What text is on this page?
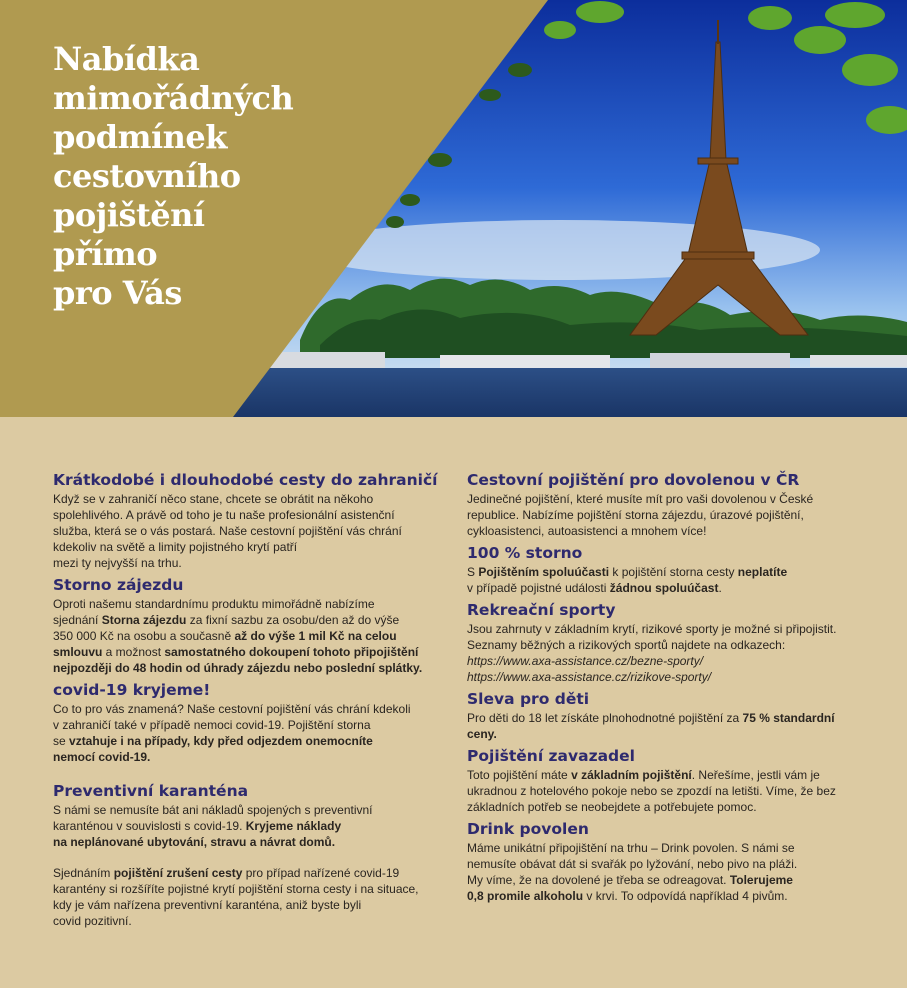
Nabídka
mimořádných
podmínek
cestovního
pojištění
přímo
pro Vás
Krátkodobé i dlouhodobé cesty do zahraničí

Když se v zahraničí něco stane, chcete se obrátit na někoho
spolehlivého. A právě od toho je tu naše profesionální asistenční
služba, která se o vás postará. Naše cestovní pojištění vás chrání
kdekoliv na světě a limity pojistného krytí patří
mezi ty nejvyšší na trhu.

Storno zájezdu

Oproti našemu standardnímu produktu mimořádně nabízíme
sjednání Storna zájezdu za fixní sazbu za osobu/den až do výše
350 000 Kč na osobu a současně až do výše 1 mil Kč na celou
smlouvu a možnost samostatného dokoupení tohoto připojištění
nejpozději do 48 hodin od úhrady zájezdu nebo poslední splátky.

covid-19 kryjeme!

Co to pro vás znamená? Naše cestovní pojištění vás chrání kdekoli
v zahraničí také v případě nemoci covid-19. Pojištění storna
se vztahuje i na případy, kdy před odjezdem onemocníte
nemocí covid-19.

Preventivní karanténa

S námi se nemusíte bát ani nákladů spojených s preventivní
karanténou v souvislosti s covid-19. Kryjeme náklady
na neplánované ubytování, stravu a návrat domů.

Sjednáním pojištění zrušení cesty pro případ nařízené covid-19
karantény si rozšíříte pojistné krytí pojištění storna cesty i na situace,
kdy je vám nařízena preventivní karanténa, aniž byste byli
covid pozitivní.

Cestovní pojištění pro dovolenou v ČR

Jedinečné pojištění, které musíte mít pro vaši dovolenou v České
republice. Nabízíme pojištění storna zájezdu, úrazové pojištění,
cykloasistenci, autoasistenci a mnohem více!

100 % storno

S Pojištěním spoluúčasti k pojištění storna cesty neplatíte
v případě pojistné události žádnou spoluúčast.

Rekreační sporty

Jsou zahrnuty v základním krytí, rizikové sporty je možné si připojistit.
Seznamy běžných a rizikových sportů najdete na odkazech:
https://www.axa-assistance.cz/bezne-sporty/
https://www.axa-assistance.cz/rizikove-sporty/

Sleva pro děti

Pro děti do 18 let získáte plnohodnotné pojištění za 75 % standardní
ceny.

Pojištění zavazadel

Toto pojištění máte v základním pojištění. Neřešíme, jestli vám je
ukradnou z hotelového pokoje nebo se zpozdí na letišti. Víme, že bez
základních potřeb se neobejdete a potřebujete pomoc.

Drink povolen

Máme unikátní připojištění na trhu – Drink povolen. S námi se
nemusíte obávat dát si svařák po lyžování, nebo pivo na pláži.
My víme, že na dovolené je třeba se odreagovat. Tolerujeme
0,8 promile alkoholu v krvi. To odpovídá například 4 pivům.
